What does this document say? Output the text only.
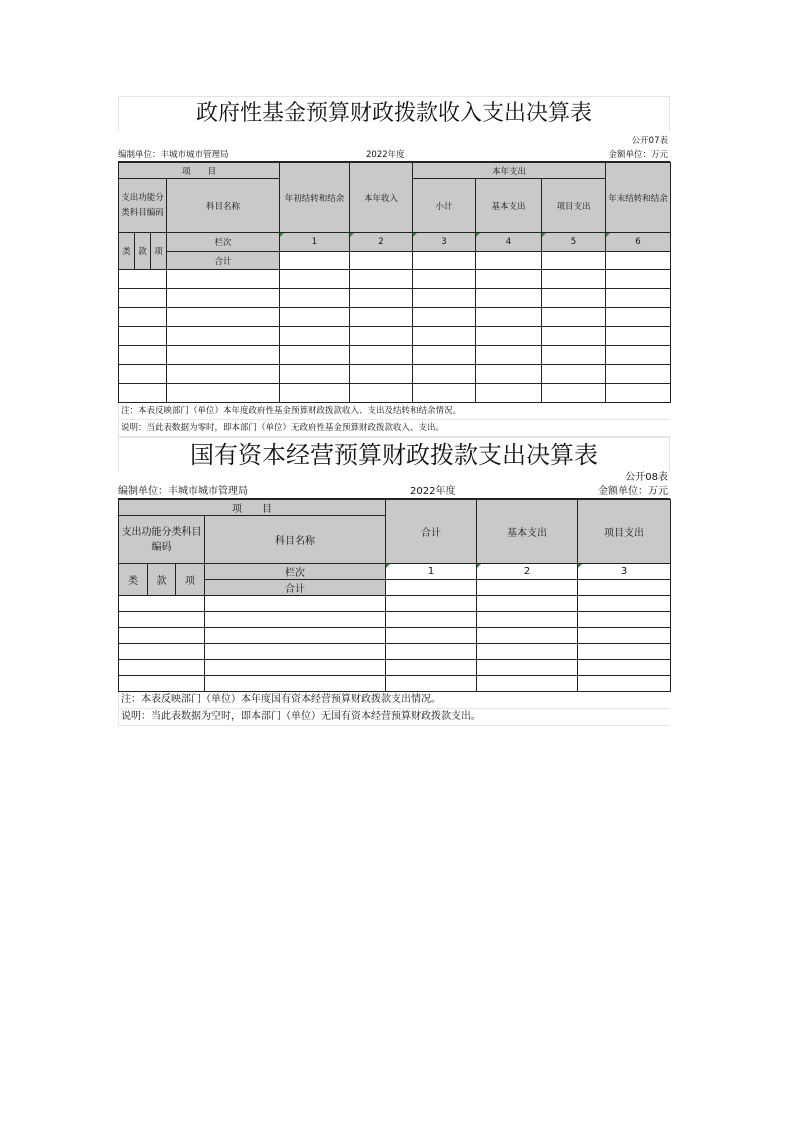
政府性基金预算财政拨款收入支出决算表
公开07表
编制单位：丰城市城市管理局	2022年度	金额单位：万元
项　　目				年初结转和结余	本年收入	本年支出			年末结转和结余
支出功能分类科目编码			科目名称			小计	基本支出	项目支出	

类	款	项	栏次	1	2	3	4	5	6
			合计						

注：本表反映部门（单位）本年度政府性基金预算财政拨款收入、支出及结转和结余情况。
说明：当此表数据为零时，即本部门（单位）无政府性基金预算财政拨款收入、支出。
国有资本经营预算财政拨款支出决算表
公开08表
编制单位：丰城市城市管理局	2022年度	金额单位：万元
项　　目				合计	基本支出	项目支出
支出功能分类科目编码			科目名称			

类	款	项	栏次	1	2	3
			合计			

注：本表反映部门（单位）本年度国有资本经营预算财政拨款支出情况。
说明：当此表数据为空时，即本部门（单位）无国有资本经营预算财政拨款支出。
